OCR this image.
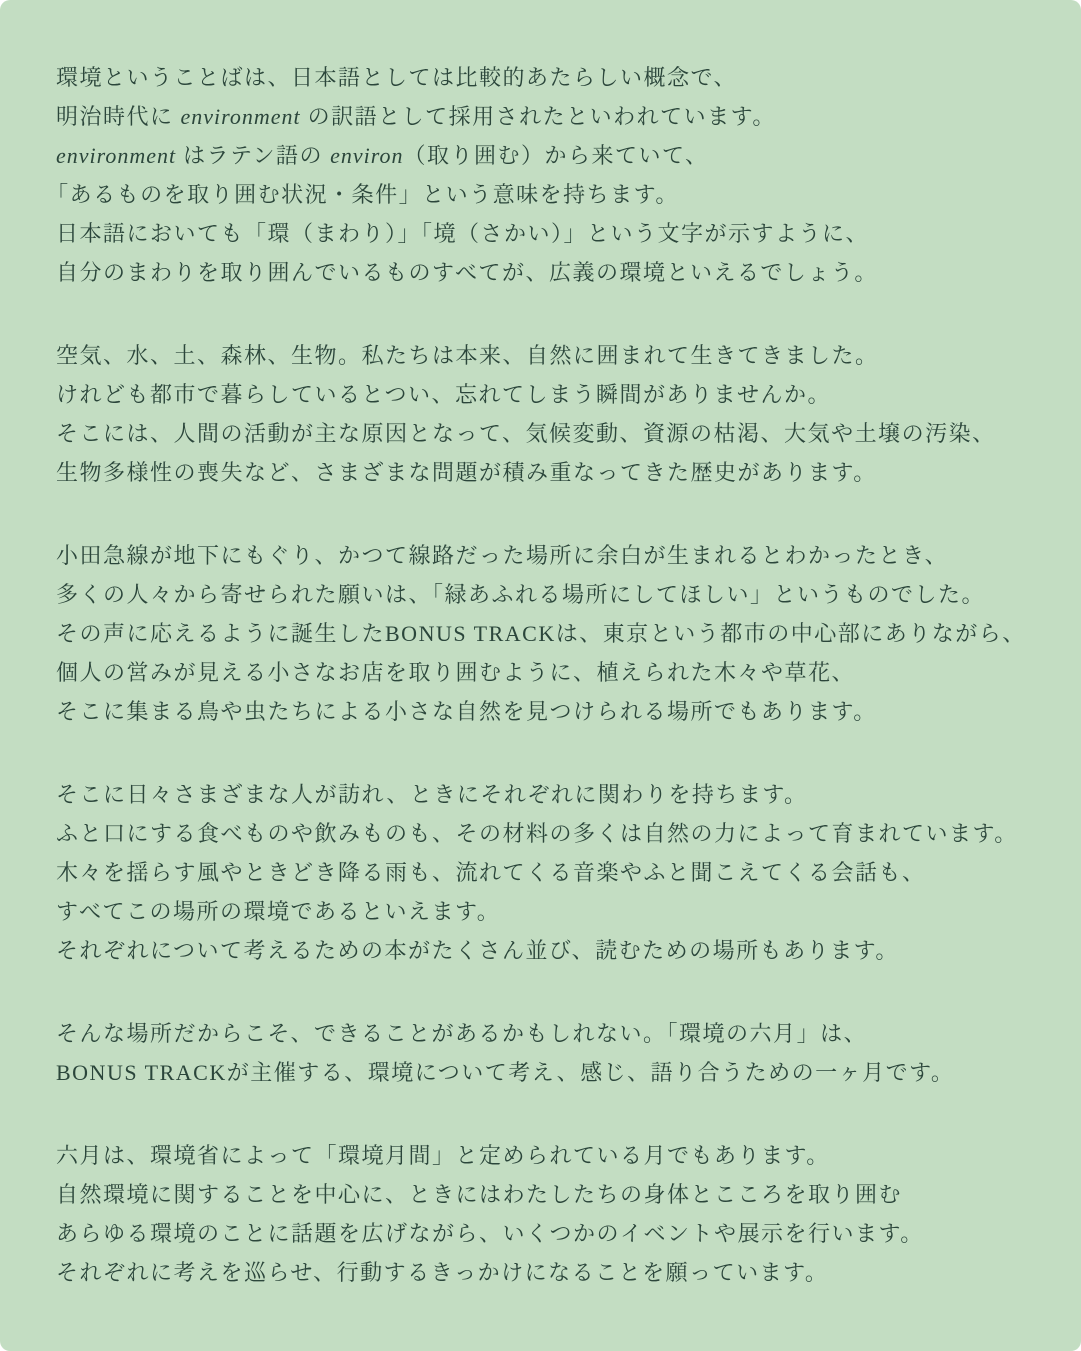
環境ということばは、日本語としては比較的あたらしい概念で、
明治時代に environment の訳語として採用されたといわれています。
environment はラテン語の environ（取り囲む）から来ていて、
「あるものを取り囲む状況・条件」という意味を持ちます。
日本語においても「環（まわり）」「境（さかい）」という文字が示すように、
自分のまわりを取り囲んでいるものすべてが、広義の環境といえるでしょう。
空気、水、土、森林、生物。私たちは本来、自然に囲まれて生きてきました。
けれども都市で暮らしているとつい、忘れてしまう瞬間がありませんか。
そこには、人間の活動が主な原因となって、気候変動、資源の枯渇、大気や土壌の汚染、
生物多様性の喪失など、さまざまな問題が積み重なってきた歴史があります。
小田急線が地下にもぐり、かつて線路だった場所に余白が生まれるとわかったとき、
多くの人々から寄せられた願いは、「緑あふれる場所にしてほしい」というものでした。
その声に応えるように誕生したBONUS TRACKは、東京という都市の中心部にありながら、
個人の営みが見える小さなお店を取り囲むように、植えられた木々や草花、
そこに集まる鳥や虫たちによる小さな自然を見つけられる場所でもあります。
そこに日々さまざまな人が訪れ、ときにそれぞれに関わりを持ちます。
ふと口にする食べものや飲みものも、その材料の多くは自然の力によって育まれています。
木々を揺らす風やときどき降る雨も、流れてくる音楽やふと聞こえてくる会話も、
すべてこの場所の環境であるといえます。
それぞれについて考えるための本がたくさん並び、読むための場所もあります。
そんな場所だからこそ、できることがあるかもしれない。「環境の六月」は、
BONUS TRACKが主催する、環境について考え、感じ、語り合うための一ヶ月です。
六月は、環境省によって「環境月間」と定められている月でもあります。
自然環境に関することを中心に、ときにはわたしたちの身体とこころを取り囲む
あらゆる環境のことに話題を広げながら、いくつかのイベントや展示を行います。
それぞれに考えを巡らせ、行動するきっかけになることを願っています。
